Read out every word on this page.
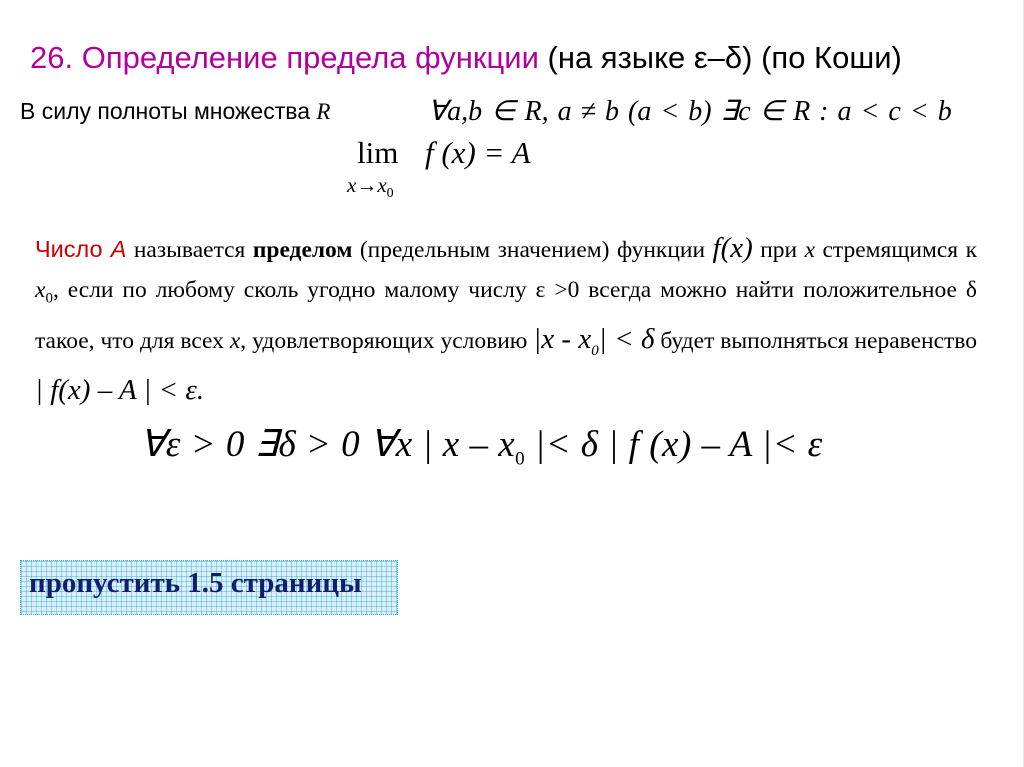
26. Определение предела функции (на языке ε–δ) (по Коши)
В силу полноты множества R	∀a,b ∈ R, a ≠ b (a < b) ∃c ∈ R : a < c < b
lim
$x\to x_0$
f (x) = A
Число A называется пределом (предельным значением) функции f(x) при x стремящимся к $x_0$, если по любому сколь угодно малому числу ε >0 всегда можно найти положительное δ такое, что для всех x, удовлетворяющих условию $|x - x_0| < \delta$ будет выполняться неравенство | f(x) – A | < ε.
∀ε > 0 ∃δ > 0 ∀x | x – $x_0$ |< δ | f (x) – A |< ε
пропустить 1.5 страницы
